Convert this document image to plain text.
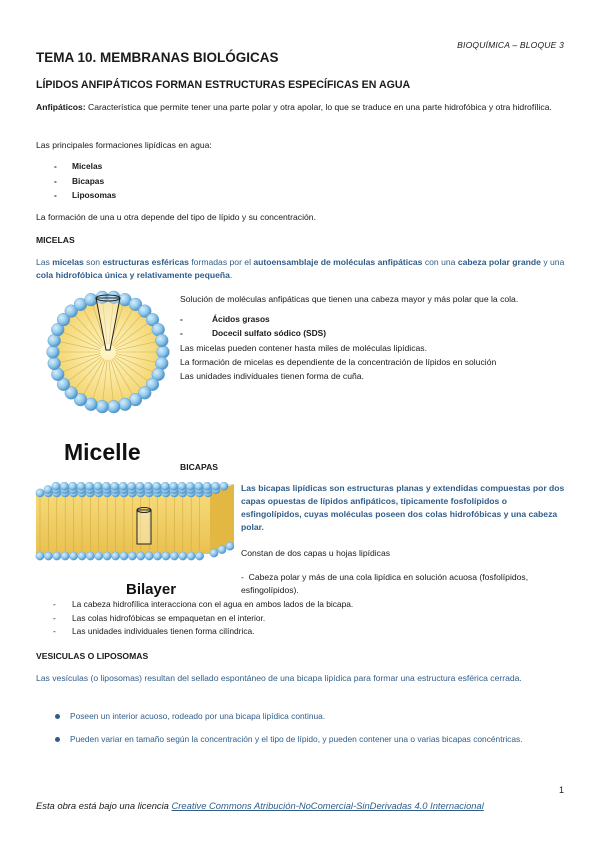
BIOQUÍMICA – BLOQUE 3
TEMA 10. MEMBRANAS BIOLÓGICAS
LÍPIDOS ANFIPÁTICOS FORMAN ESTRUCTURAS ESPECÍFICAS EN AGUA
Anfipáticos: Característica que permite tener una parte polar y otra apolar, lo que se traduce en una parte hidrofóbica y otra hidrofílica.
Las principales formaciones lipídicas en agua:
- Micelas
- Bicapas
- Liposomas
La formación de una u otra depende del tipo de lípido y su concentración.
MICELAS
Las micelas son estructuras esféricas formadas por el autoensamblaje de moléculas anfipáticas con una cabeza polar grande y una cola hidrofóbica única y relativamente pequeña.
Micelle
Solución de moléculas anfipáticas que tienen una cabeza mayor y más polar que la cola.
- Ácidos grasos
- Docecil sulfato sódico (SDS)
Las micelas pueden contener hasta miles de moléculas lipídicas.
La formación de micelas es dependiente de la concentración de lípidos en solución
Las unidades individuales tienen forma de cuña.
BICAPAS
Bilayer
Las bicapas lipídicas son estructuras planas y extendidas compuestas por dos capas opuestas de lípidos anfipáticos, típicamente fosfolípidos o esfingolípidos, cuyas moléculas poseen dos colas hidrofóbicas y una cabeza polar.
Constan de dos capas u hojas lipídicas
-  Cabeza polar y más de una cola lipídica en solución acuosa (fosfolípidos, esfingolípidos).
- La cabeza hidrofílica interacciona con el agua en ambos lados de la bicapa.
- Las colas hidrofóbicas se empaquetan en el interior.
- Las unidades individuales tienen forma cilíndrica.
VESICULAS O LIPOSOMAS
Las vesículas (o liposomas) resultan del sellado espontáneo de una bicapa lipídica para formar una estructura esférica cerrada.
Poseen un interior acuoso, rodeado por una bicapa lipídica continua.
Pueden variar en tamaño según la concentración y el tipo de lípido, y pueden contener una o varias bicapas concéntricas.
1
Esta obra está bajo una licencia Creative Commons Atribución-NoComercial-SinDerivadas 4.0 Internacional
